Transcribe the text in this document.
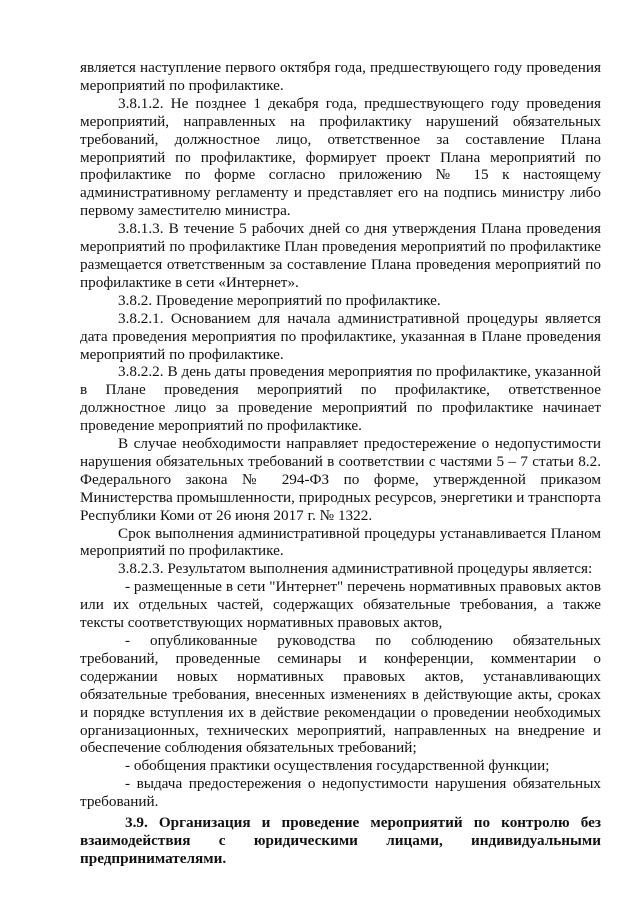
является наступление первого октября года, предшествующего году проведения мероприятий по профилактике.

3.8.1.2. Не позднее 1 декабря года, предшествующего году проведения мероприятий, направленных на профилактику нарушений обязательных требований, должностное лицо, ответственное за составление Плана мероприятий по профилактике, формирует проект Плана мероприятий по профилактике по форме согласно приложению № 15 к настоящему административному регламенту и представляет его на подпись министру либо первому заместителю министра.

3.8.1.3. В течение 5 рабочих дней со дня утверждения Плана проведения мероприятий по профилактике План проведения мероприятий по профилактике размещается ответственным за составление Плана проведения мероприятий по профилактике в сети «Интернет».

3.8.2. Проведение мероприятий по профилактике.

3.8.2.1. Основанием для начала административной процедуры является дата проведения мероприятия по профилактике, указанная в Плане проведения мероприятий по профилактике.

3.8.2.2. В день даты проведения мероприятия по профилактике, указанной в Плане проведения мероприятий по профилактике, ответственное должностное лицо за проведение мероприятий по профилактике начинает проведение мероприятий по профилактике.

В случае необходимости направляет предостережение о недопустимости нарушения обязательных требований в соответствии с частями 5 – 7 статьи 8.2. Федерального закона № 294-ФЗ по форме, утвержденной приказом Министерства промышленности, природных ресурсов, энергетики и транспорта Республики Коми от 26 июня 2017 г. № 1322.

Срок выполнения административной процедуры устанавливается Планом мероприятий по профилактике.

3.8.2.3. Результатом выполнения административной процедуры является:

- размещенные в сети "Интернет" перечень нормативных правовых актов или их отдельных частей, содержащих обязательные требования, а также тексты соответствующих нормативных правовых актов,

- опубликованные руководства по соблюдению обязательных требований, проведенные семинары и конференции, комментарии о содержании новых нормативных правовых актов, устанавливающих обязательные требования, внесенных изменениях в действующие акты, сроках и порядке вступления их в действие рекомендации о проведении необходимых организационных, технических мероприятий, направленных на внедрение и обеспечение соблюдения обязательных требований;

- обобщения практики осуществления государственной функции;

- выдача предостережения о недопустимости нарушения обязательных требований.

3.9. Организация и проведение мероприятий по контролю без взаимодействия с юридическими лицами, индивидуальными предпринимателями.
